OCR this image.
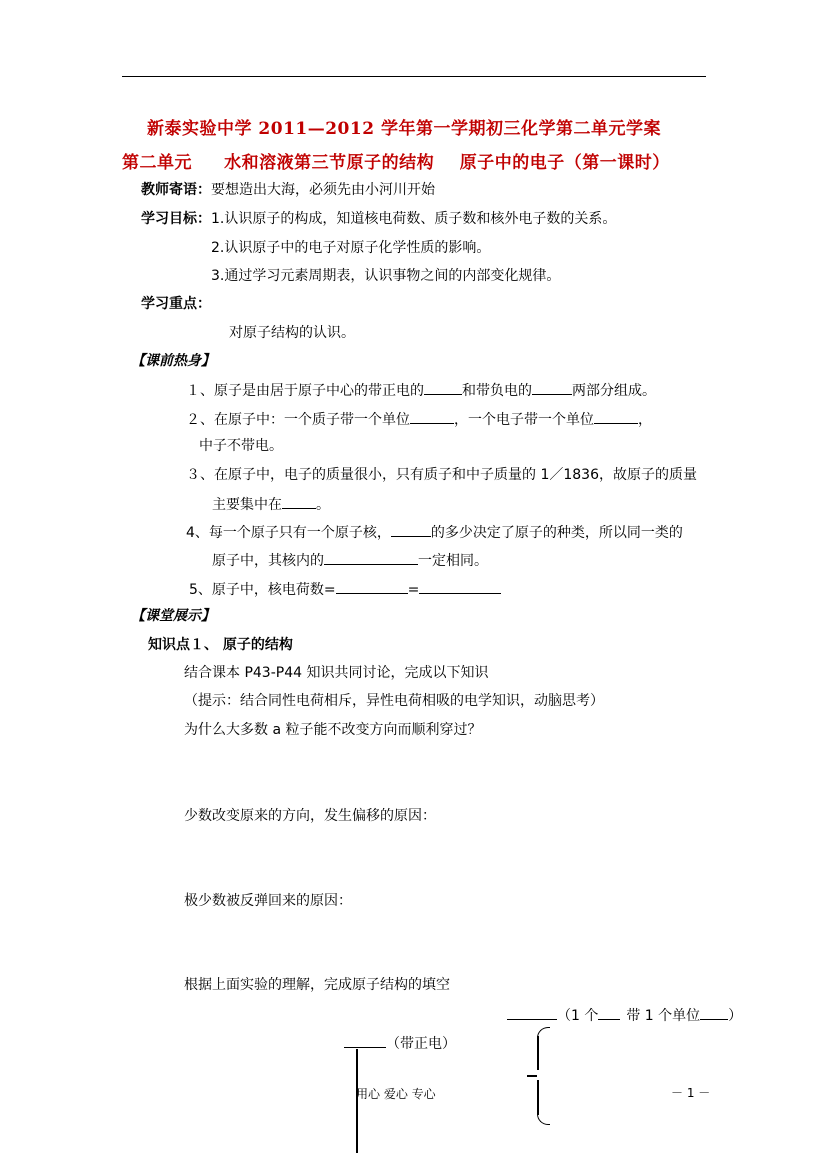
新泰实验中学 2011—2012 学年第一学期初三化学第二单元学案
第二单元     水和溶液第三节原子的结构    原子中的电子（第一课时）
教师寄语：要想造出大海，必须先由小河川开始
学习目标：1.认识原子的构成，知道核电荷数、质子数和核外电子数的关系。
2.认识原子中的电子对原子化学性质的影响。
3.通过学习元素周期表，认识事物之间的内部变化规律。
学习重点：
对原子结构的认识。
【课前热身】
１、原子是由居于原子中心的带正电的	和带负电的	两部分组成。
２、在原子中：一个质子带一个单位	，一个电子带一个单位	，
中子不带电。
３、在原子中，电子的质量很小，只有质子和中子质量的 1／1836，故原子的质量
主要集中在 。
4、每一个原子只有一个原子核，	的多少决定了原子的种类，所以同一类的
原子中，其核内的	一定相同。
5、原子中，核电荷数=	=
【课堂展示】
知识点１、 原子的结构
结合课本 P43-P44 知识共同讨论，完成以下知识
（提示：结合同性电荷相斥，异性电荷相吸的电学知识，动脑思考）
为什么大多数 a 粒子能不改变方向而顺利穿过？
少数改变原来的方向，发生偏移的原因：
极少数被反弹回来的原因：
根据上面实验的理解，完成原子结构的填空
（1 个 带 1 个单位 ）
（带正电）
用心 爱心 专心	－ 1 －
